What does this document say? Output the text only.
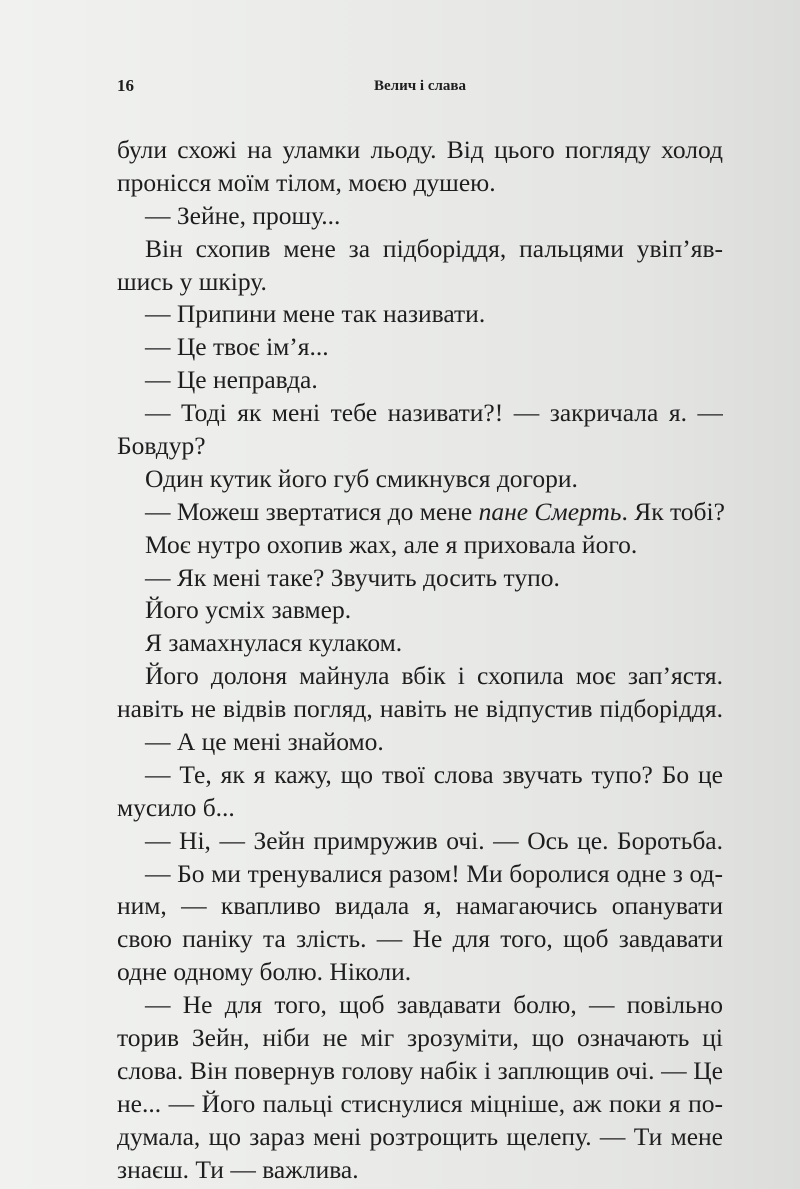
16	Велич і слава
були схожі на уламки льоду. Від цього погляду холод
пронісся моїм тілом, моєю душею.
— Зейне, прошу...
Він схопив мене за підборіддя, пальцями увіп’яв-
шись у шкіру.
— Припини мене так називати.
— Це твоє ім’я...
— Це неправда.
— Тоді як мені тебе називати?! — закричала я. —
Бовдур?
Один кутик його губ смикнувся догори.
— Можеш звертатися до мене пане Смерть. Як тобі?
Моє нутро охопив жах, але я приховала його.
— Як мені таке? Звучить досить тупо.
Його усміх завмер.
Я замахнулася кулаком.
Його долоня майнула вбік і схопила моє зап’ястя.
навіть не відвів погляд, навіть не відпустив підборіддя.
— А це мені знайомо.
— Те, як я кажу, що твої слова звучать тупо? Бо це
мусило б...
— Ні, — Зейн примружив очі. — Ось це. Боротьба.
— Бо ми тренувалися разом! Ми боролися одне з од-
ним, — квапливо видала я, намагаючись опанувати
свою паніку та злість. — Не для того, щоб завдавати
одне одному болю. Ніколи.
— Не для того, щоб завдавати болю, — повільно
торив Зейн, ніби не міг зрозуміти, що означають ці
слова. Він повернув голову набік і заплющив очі. — Це
не... — Його пальці стиснулися міцніше, аж поки я по-
думала, що зараз мені розтрощить щелепу. — Ти мене
знаєш. Ти — важлива.
